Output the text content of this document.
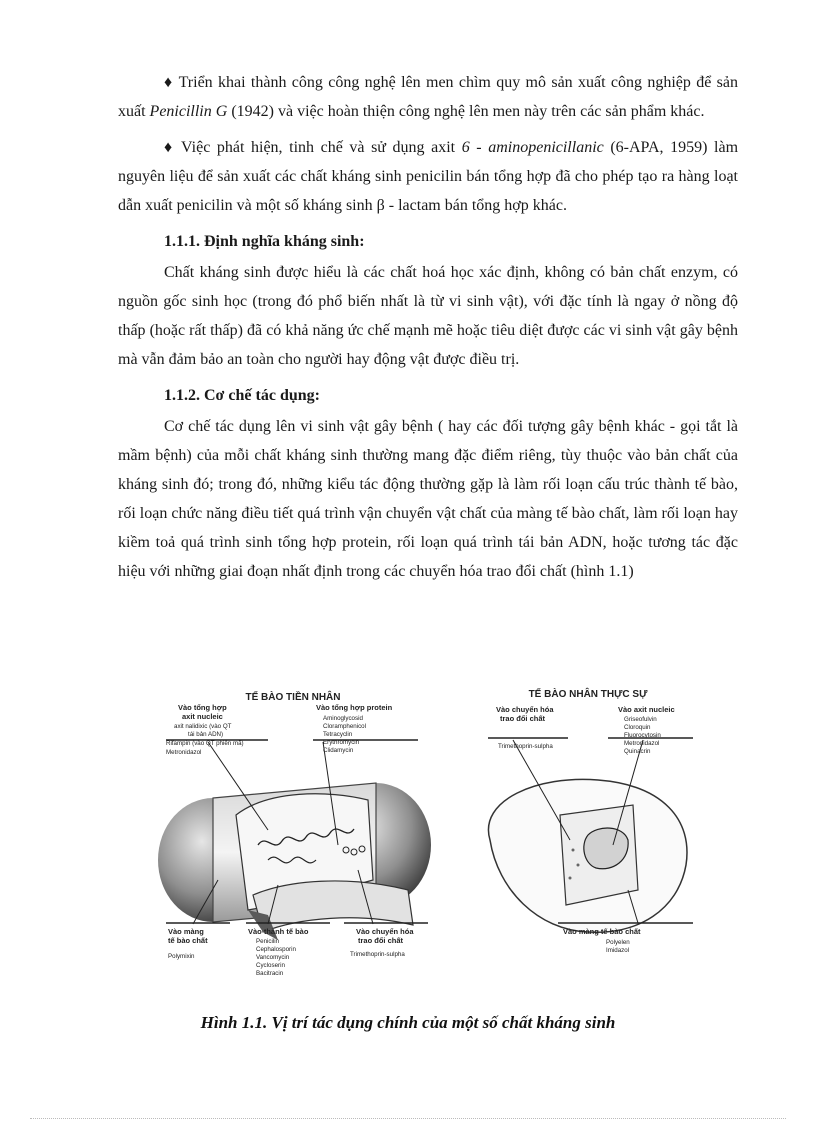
♦ Triển khai thành công công nghệ lên men chìm quy mô sản xuất công nghiệp để sản xuất Penicillin G (1942) và việc hoàn thiện công nghệ lên men này trên các sản phẩm khác.

♦ Việc phát hiện, tinh chế và sử dụng axit 6 - aminopenicillanic (6-APA, 1959) làm nguyên liệu để sản xuất các chất kháng sinh penicilin bán tổng hợp đã cho phép tạo ra hàng loạt dẫn xuất penicilin và một số kháng sinh β - lactam bán tổng hợp khác.

1.1.1. Định nghĩa kháng sinh:

Chất kháng sinh được hiểu là các chất hoá học xác định, không có bản chất enzym, có nguồn gốc sinh học (trong đó phổ biến nhất là từ vi sinh vật), với đặc tính là ngay ở nồng độ thấp (hoặc rất thấp) đã có khả năng ức chế mạnh mẽ hoặc tiêu diệt được các vi sinh vật gây bệnh mà vẫn đảm bảo an toàn cho người hay động vật được điều trị.

1.1.2. Cơ chế tác dụng:

Cơ chế tác dụng lên vi sinh vật gây bệnh ( hay các đối tượng gây bệnh khác - gọi tắt là mầm bệnh) của mỗi chất kháng sinh thường mang đặc điểm riêng, tùy thuộc vào bản chất của kháng sinh đó; trong đó, những kiểu tác động thường gặp là làm rối loạn cấu trúc thành tế bào, rối loạn chức năng điều tiết quá trình vận chuyển vật chất của màng tế bào chất, làm rối loạn hay kiềm toả quá trình sinh tổng hợp protein, rối loạn quá trình tái bản ADN, hoặc tương tác đặc hiệu với những giai đoạn nhất định trong các chuyển hóa trao đổi chất (hình 1.1)

TẾ BÀO TIỀN NHÂN
Vào tổng hợp
axit nucleic
axit nalidixic (vào QT
tái bản ADN)
Rifampin (vào QT phiên mã)
Metronidazol
Vào tổng hợp protein
Aminoglycosid
Cloramphenicol
Tetracyclin
Erythromycin
Clidamycin
Vào màng
tế bào chất
Polymixin
Vào thành tế bào
Penicilin
Cephalosporin
Vancomycin
Cycloserin
Bacitracin
Vào chuyển hóa
trao đổi chất
Trimethoprin-sulpha
TẾ BÀO NHÂN THỰC SỰ
Vào chuyển hóa
trao đổi chất
Trimethoprin-sulpha
Vào axit nucleic
Griseofulvin
Cloroquin
Fluorocytosin
Metronidazol
Quinacrin
Vào màng tế bào chất
Polyelen
Imidazol
Hình 1.1. Vị trí tác dụng chính của một số chất kháng sinh
